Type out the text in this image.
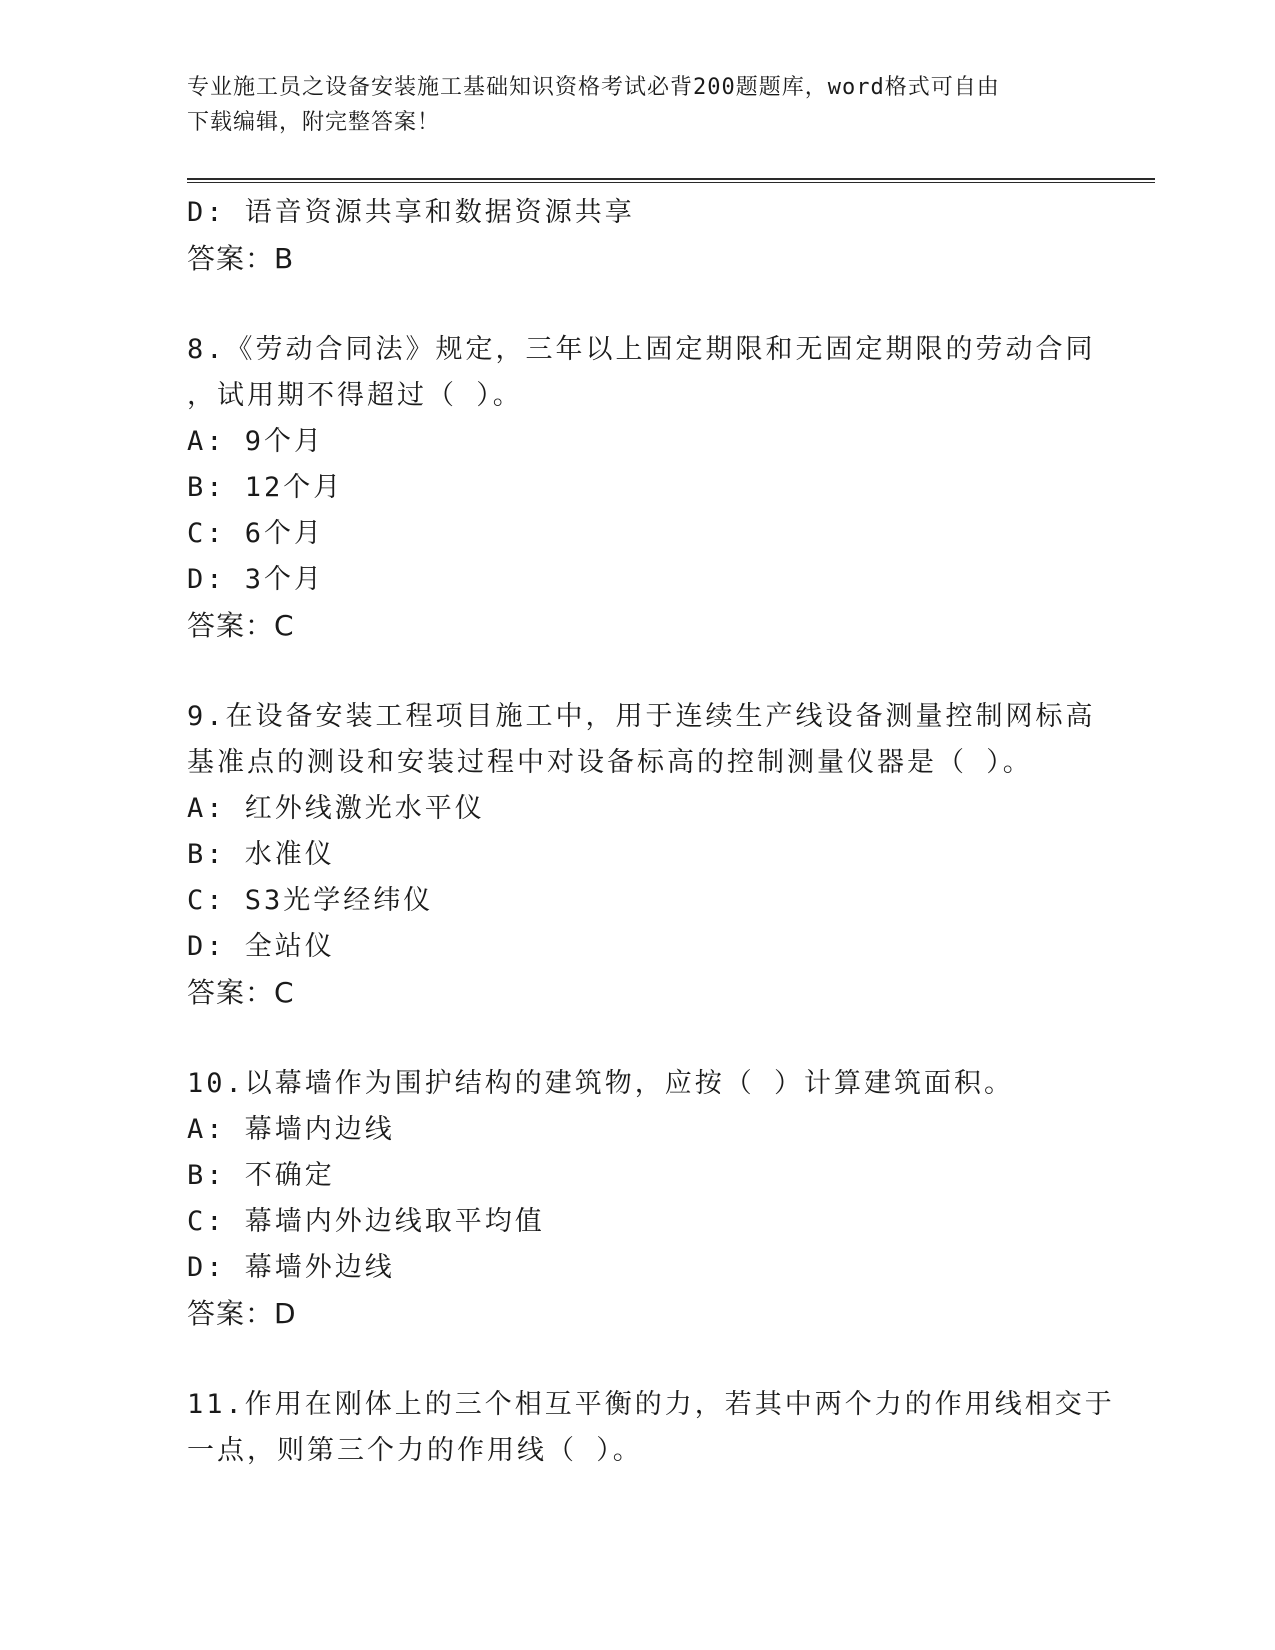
专业施工员之设备安装施工基础知识资格考试必背200题题库，word格式可自由
下载编辑，附完整答案！
D: 语音资源共享和数据资源共享
答案：B
8.《劳动合同法》规定，三年以上固定期限和无固定期限的劳动合同
，试用期不得超过（ ）。
A: 9个月
B: 12个月
C: 6个月
D: 3个月
答案：C
9.在设备安装工程项目施工中，用于连续生产线设备测量控制网标高
基准点的测设和安装过程中对设备标高的控制测量仪器是（ ）。
A: 红外线激光水平仪
B: 水准仪
C: S3光学经纬仪
D: 全站仪
答案：C
10.以幕墙作为围护结构的建筑物，应按（ ）计算建筑面积。
A: 幕墙内边线
B: 不确定
C: 幕墙内外边线取平均值
D: 幕墙外边线
答案：D
11.作用在刚体上的三个相互平衡的力，若其中两个力的作用线相交于
一点，则第三个力的作用线（ ）。
